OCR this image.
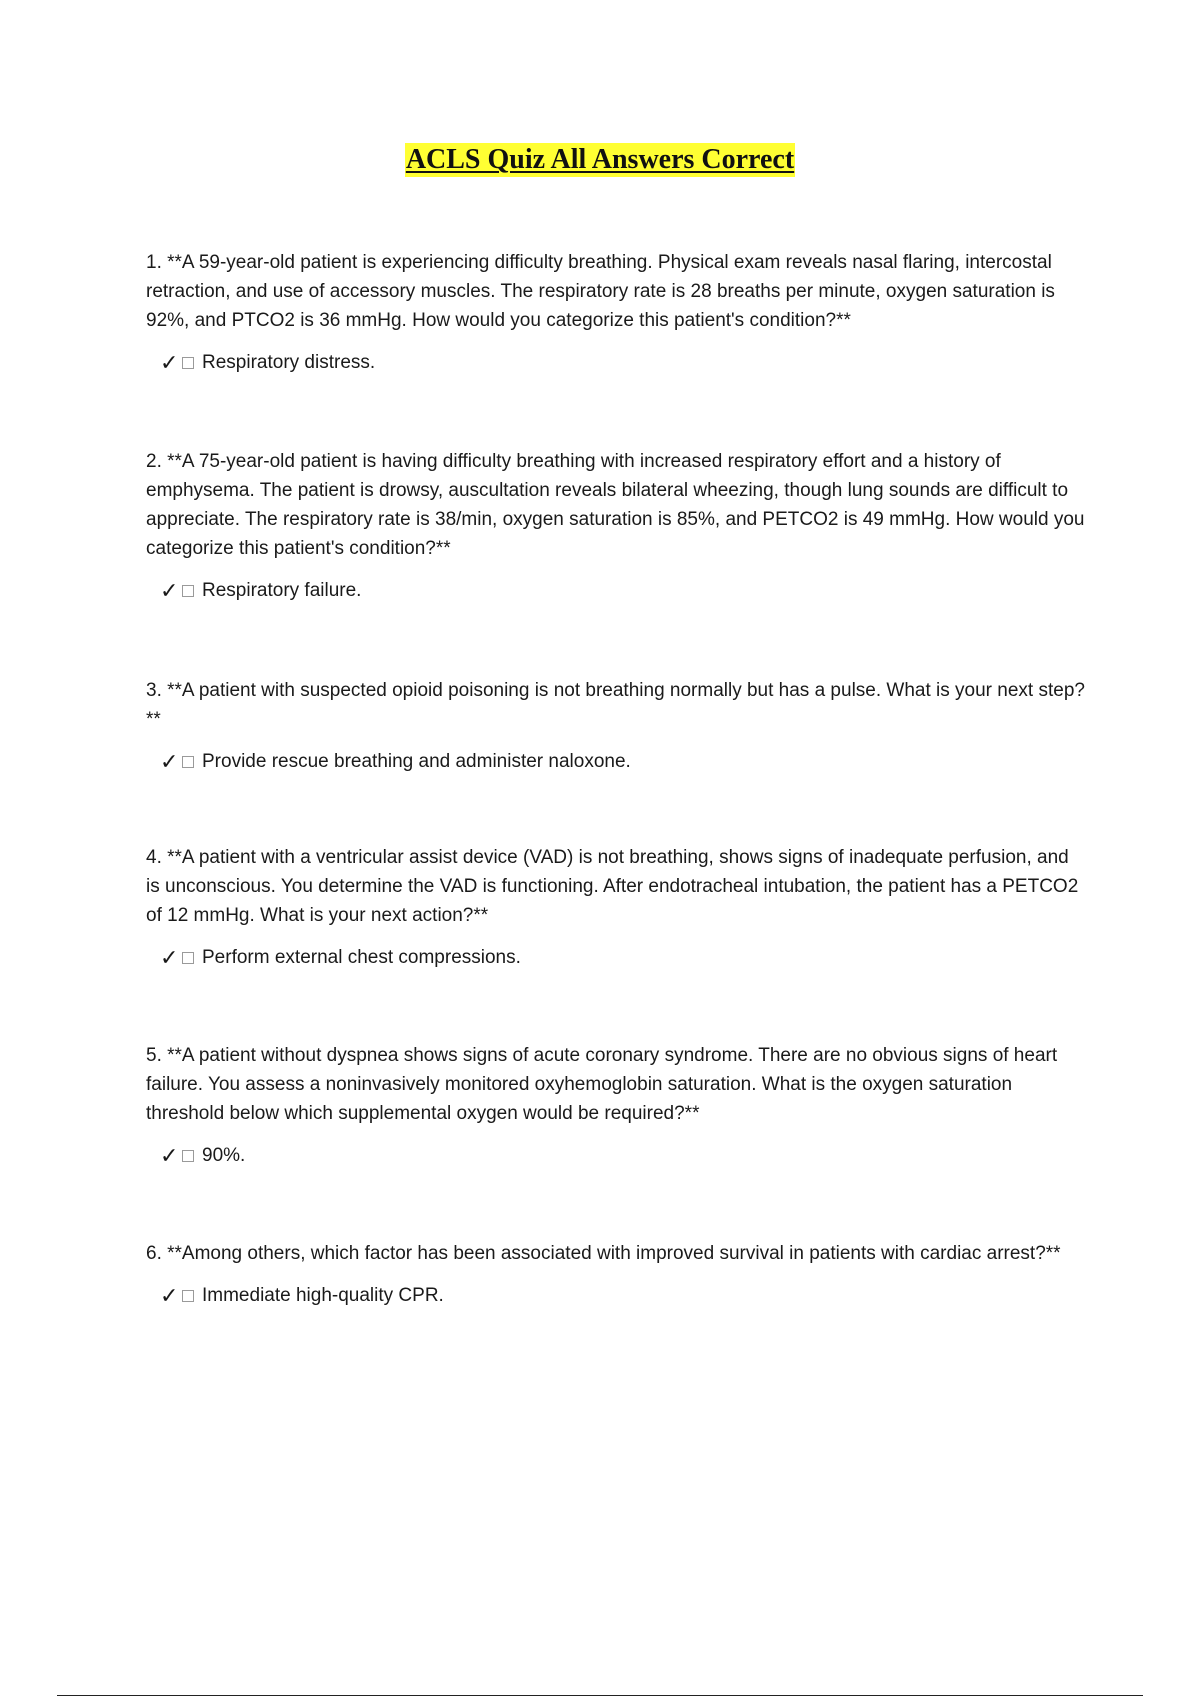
ACLS Quiz All Answers Correct

1. **A 59-year-old patient is experiencing difficulty breathing. Physical exam reveals nasal flaring, intercostal retraction, and use of accessory muscles. The respiratory rate is 28 breaths per minute, oxygen saturation is 92%, and PTCO2 is 36 mmHg. How would you categorize this patient's condition?**

✓ Respiratory distress.

2. **A 75-year-old patient is having difficulty breathing with increased respiratory effort and a history of emphysema. The patient is drowsy, auscultation reveals bilateral wheezing, though lung sounds are difficult to appreciate. The respiratory rate is 38/min, oxygen saturation is 85%, and PETCO2 is 49 mmHg. How would you categorize this patient's condition?**

✓ Respiratory failure.

3. **A patient with suspected opioid poisoning is not breathing normally but has a pulse. What is your next step?**

✓ Provide rescue breathing and administer naloxone.

4. **A patient with a ventricular assist device (VAD) is not breathing, shows signs of inadequate perfusion, and is unconscious. You determine the VAD is functioning. After endotracheal intubation, the patient has a PETCO2 of 12 mmHg. What is your next action?**

✓ Perform external chest compressions.

5. **A patient without dyspnea shows signs of acute coronary syndrome. There are no obvious signs of heart failure. You assess a noninvasively monitored oxyhemoglobin saturation. What is the oxygen saturation threshold below which supplemental oxygen would be required?**

✓ 90%.

6. **Among others, which factor has been associated with improved survival in patients with cardiac arrest?**

✓ Immediate high-quality CPR.
